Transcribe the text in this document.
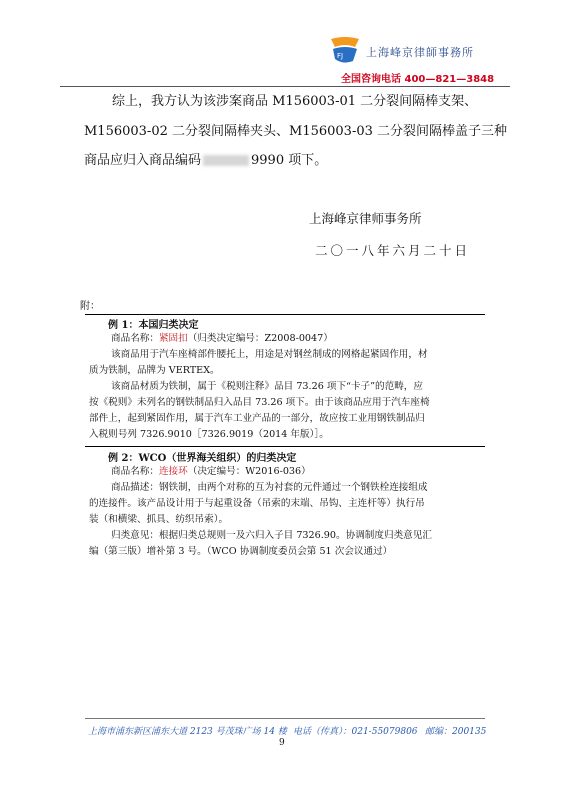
FJ 上海峰京律師事務所
全国咨询电话 400—821—3848
综上，我方认为该涉案商品 M156003-01 二分裂间隔棒支架、
M156003-02 二分裂间隔棒夹头、M156003-03 二分裂间隔棒盖子三种
商品应归入商品编码	9990 项下。
上海峰京律师事务所
二〇一八年六月二十日
附：
例 1：本国归类决定
商品名称：紧固扣（归类决定编号：Z2008-0047）
该商品用于汽车座椅部件腰托上，用途是对钢丝制成的网格起紧固作用，材
质为铁制，品牌为 VERTEX。
该商品材质为铁制，属于《税则注释》品目 73.26 项下“卡子”的范畴，应
按《税则》未列名的钢铁制品归入品目 73.26 项下。由于该商品应用于汽车座椅
部件上，起到紧固作用，属于汽车工业产品的一部分，故应按工业用钢铁制品归
入税则号列 7326.9010［7326.9019（2014 年版）］。
例 2：WCO（世界海关组织）的归类决定
商品名称：连接环（决定编号：W2016-036）
商品描述：钢铁制，由两个对称的互为衬套的元件通过一个钢铁栓连接组成
的连接件。该产品设计用于与起重设备（吊索的末端、吊钩、主连杆等）执行吊
装（和横梁、抓具、纺织吊索）。
归类意见：根据归类总规则一及六归入子目 7326.90。协调制度归类意见汇
编（第三版）增补第 3 号。（WCO 协调制度委员会第 51 次会议通过）
上海市浦东新区浦东大道 2123 号茂珠广场 14 楼 电话（传真）：021-55079806 邮编：200135
9
